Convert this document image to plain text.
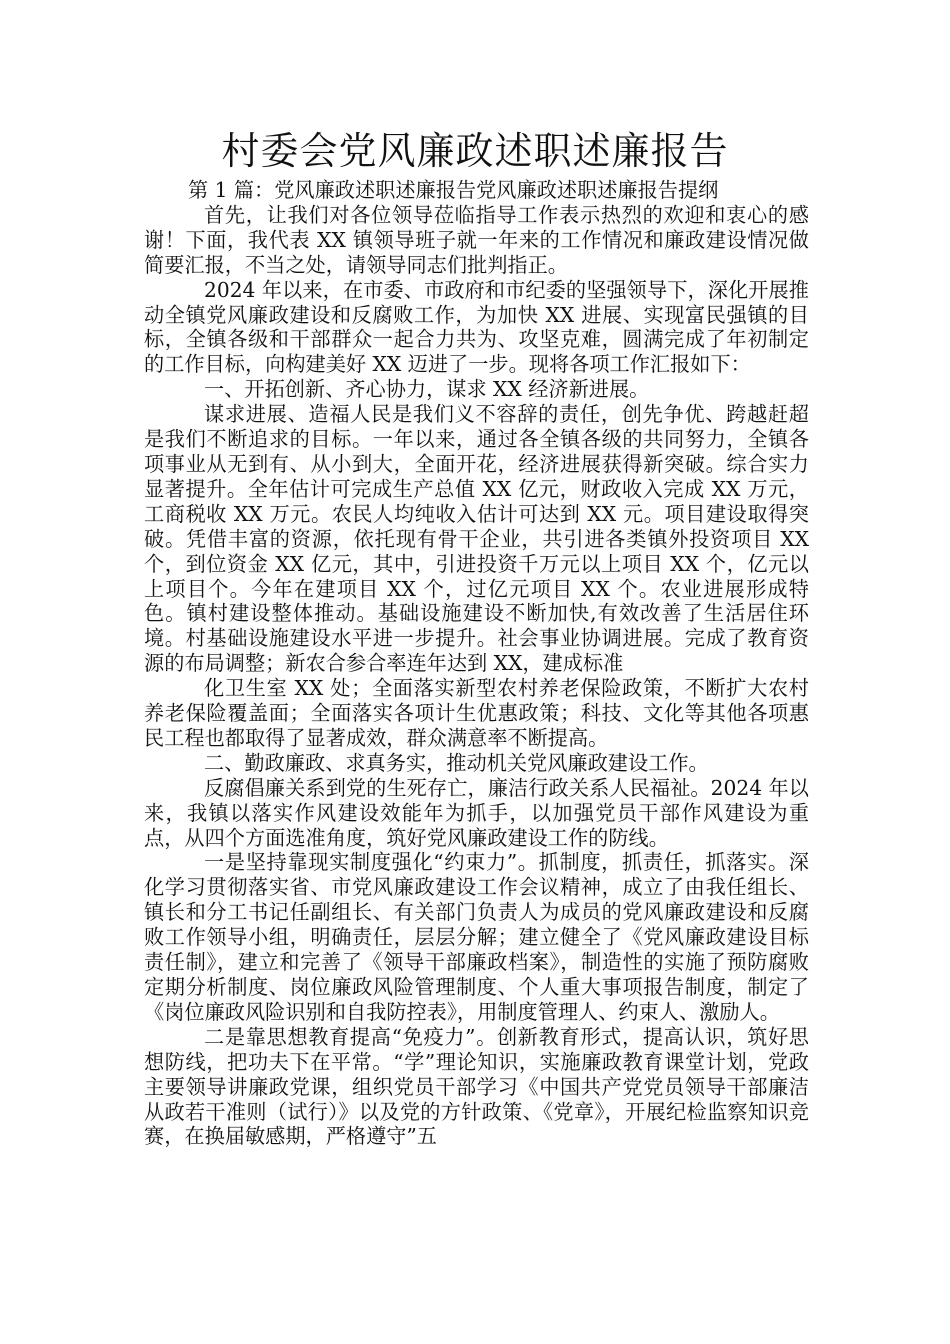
村委会党风廉政述职述廉报告

第 1 篇：党风廉政述职述廉报告党风廉政述职述廉报告提纲

首先，让我们对各位领导莅临指导工作表示热烈的欢迎和衷心的感谢！下面，我代表 XX 镇领导班子就一年来的工作情况和廉政建设情况做简要汇报，不当之处，请领导同志们批判指正。

2024 年以来，在市委、市政府和市纪委的坚强领导下，深化开展推动全镇党风廉政建设和反腐败工作，为加快 XX 进展、实现富民强镇的目标，全镇各级和干部群众一起合力共为、攻坚克难，圆满完成了年初制定的工作目标，向构建美好 XX 迈进了一步。现将各项工作汇报如下：

一、开拓创新、齐心协力，谋求 XX 经济新进展。

谋求进展、造福人民是我们义不容辞的责任，创先争优、跨越赶超是我们不断追求的目标。一年以来，通过各全镇各级的共同努力，全镇各项事业从无到有、从小到大，全面开花，经济进展获得新突破。综合实力显著提升。全年估计可完成生产总值 XX 亿元，财政收入完成 XX 万元，工商税收 XX 万元。农民人均纯收入估计可达到 XX 元。项目建设取得突破。凭借丰富的资源，依托现有骨干企业，共引进各类镇外投资项目 XX 个，到位资金 XX 亿元，其中，引进投资千万元以上项目 XX 个，亿元以上项目个。今年在建项目 XX 个，过亿元项目 XX 个。农业进展形成特色。镇村建设整体推动。基础设施建设不断加快,有效改善了生活居住环境。村基础设施建设水平进一步提升。社会事业协调进展。完成了教育资源的布局调整；新农合参合率连年达到 XX，建成标准

化卫生室 XX 处；全面落实新型农村养老保险政策，不断扩大农村养老保险覆盖面；全面落实各项计生优惠政策；科技、文化等其他各项惠民工程也都取得了显著成效，群众满意率不断提高。

二、勤政廉政、求真务实，推动机关党风廉政建设工作。

反腐倡廉关系到党的生死存亡，廉洁行政关系人民福祉。2024 年以来，我镇以落实作风建设效能年为抓手，以加强党员干部作风建设为重点，从四个方面选准角度，筑好党风廉政建设工作的防线。

一是坚持靠现实制度强化“约束力”。抓制度，抓责任，抓落实。深化学习贯彻落实省、市党风廉政建设工作会议精神，成立了由我任组长、镇长和分工书记任副组长、有关部门负责人为成员的党风廉政建设和反腐败工作领导小组，明确责任，层层分解；建立健全了《党风廉政建设目标责任制》，建立和完善了《领导干部廉政档案》，制造性的实施了预防腐败定期分析制度、岗位廉政风险管理制度、个人重大事项报告制度，制定了《岗位廉政风险识别和自我防控表》，用制度管理人、约束人、激励人。

二是靠思想教育提高“免疫力”。创新教育形式，提高认识，筑好思想防线，把功夫下在平常。“学”理论知识，实施廉政教育课堂计划，党政主要领导讲廉政党课，组织党员干部学习《中国共产党党员领导干部廉洁从政若干准则（试行）》以及党的方针政策、《党章》，开展纪检监察知识竞赛，在换届敏感期，严格遵守”五
